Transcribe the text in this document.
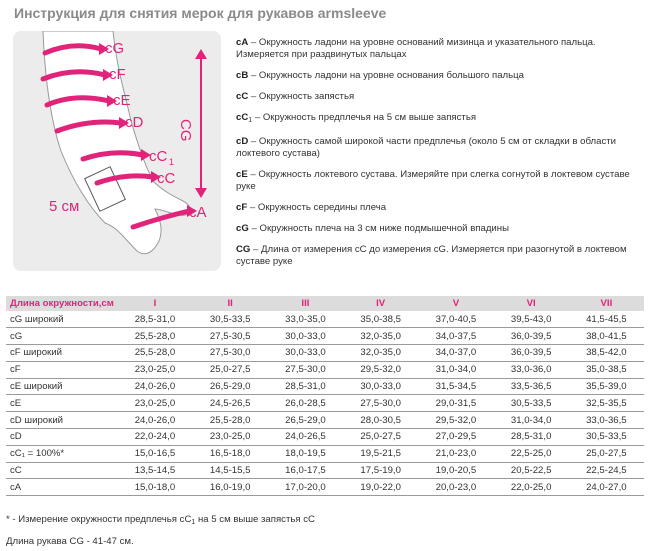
Инструкция для снятия мерок для рукавов armsleeve
cG
cF
cE
cD
cC 1
cC
cA
5 см
CG
cA – Окружность ладони на уровне оснований мизинца и указательного пальца. Измеряется при раздвинутых пальцах
cB – Окружность ладони на уровне основания большого пальца
cC – Окружность запястья
$cC_1$ – Окружность предплечья на 5 см выше запястья
cD – Окружность самой широкой части предплечья (около 5 см от складки в области локтевого сустава)
cE – Окружность локтевого сустава. Измеряйте при слегка согнутой в локтевом суставе руке
cF – Окружность середины плеча
cG – Окружность плеча на 3 см ниже подмышечной впадины
CG – Длина от измерения сС до измерения cG. Измеряется при разогнутой в локтевом суставе руке
Длина окружности,см	I	II	III	IV	V	VI	VII
cG широкий	28,5-31,0	30,5-33,5	33,0-35,0	35,0-38,5	37,0-40,5	39,5-43,0	41,5-45,5
cG	25,5-28,0	27,5-30,5	30,0-33,0	32,0-35,0	34,0-37,5	36,0-39,5	38,0-41,5
cF широкий	25,5-28,0	27,5-30,0	30,0-33,0	32,0-35,0	34,0-37,0	36,0-39,5	38,5-42,0
cF	23,0-25,0	25,0-27,5	27,5-30,0	29,5-32,0	31,0-34,0	33,0-36,0	35,0-38,5
cE широкий	24,0-26,0	26,5-29,0	28,5-31,0	30,0-33,0	31,5-34,5	33,5-36,5	35,5-39,0
cE	23,0-25,0	24,5-26,5	26,0-28,5	27,5-30,0	29,0-31,5	30,5-33,5	32,5-35,5
cD широкий	24,0-26,0	25,5-28,0	26,5-29,0	28,0-30,5	29,5-32,0	31,0-34,0	33,0-36,5
cD	22,0-24,0	23,0-25,0	24,0-26,5	25,0-27,5	27,0-29,5	28,5-31,0	30,5-33,5
cC₁ = 100%*	15,0-16,5	16,5-18,0	18,0-19,5	19,5-21,5	21,0-23,0	22,5-25,0	25,0-27,5
cC	13,5-14,5	14,5-15,5	16,0-17,5	17,5-19,0	19,0-20,5	20,5-22,5	22,5-24,5
cA	15,0-18,0	16,0-19,0	17,0-20,0	19,0-22,0	20,0-23,0	22,0-25,0	24,0-27,0
* - Измерение окружности предплечья $сС_1$ на 5 см выше запястья сС
Длина рукава CG - 41-47 см.
